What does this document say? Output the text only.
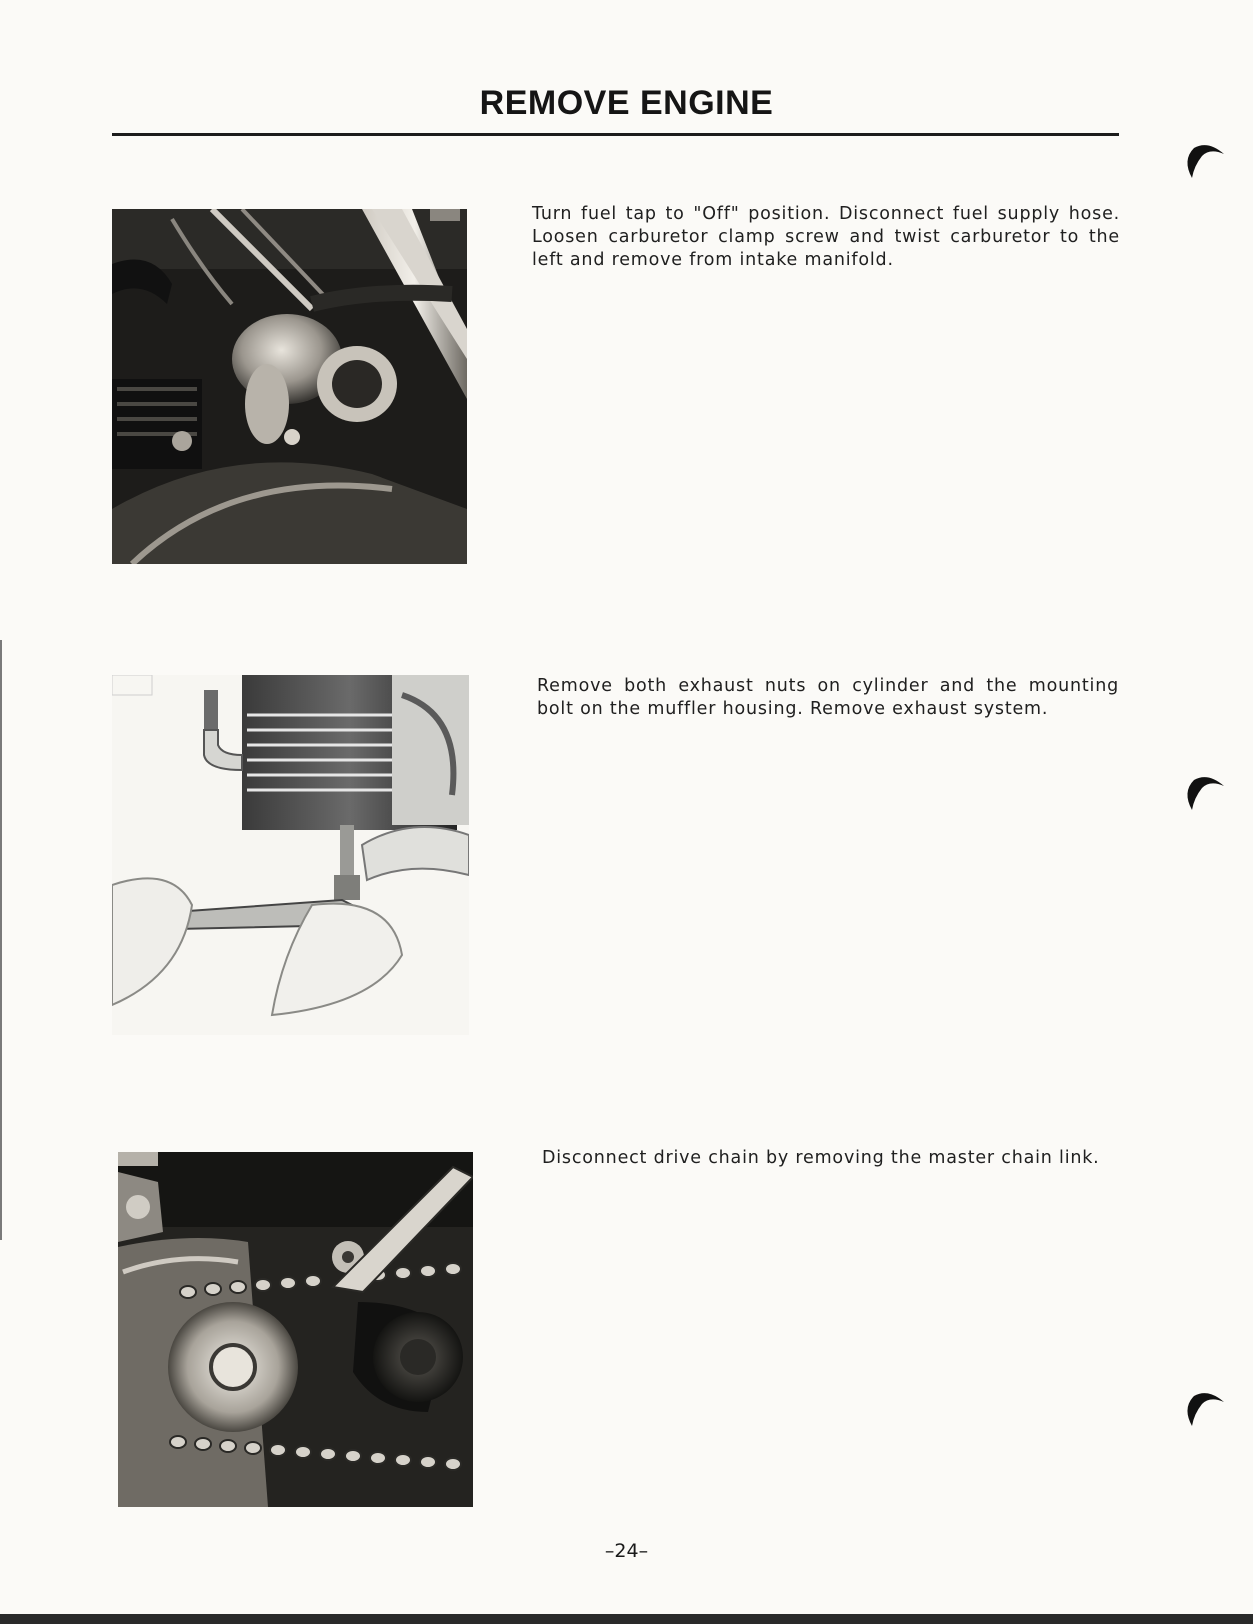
REMOVE ENGINE
Turn fuel tap to "Off" position. Disconnect fuel supply hose. Loosen carburetor clamp screw and twist carburetor to the left and remove from intake manifold.
Remove both exhaust nuts on cylinder and the mounting bolt on the muffler housing. Remove exhaust system.
Disconnect drive chain by removing the master chain link.
–24–
